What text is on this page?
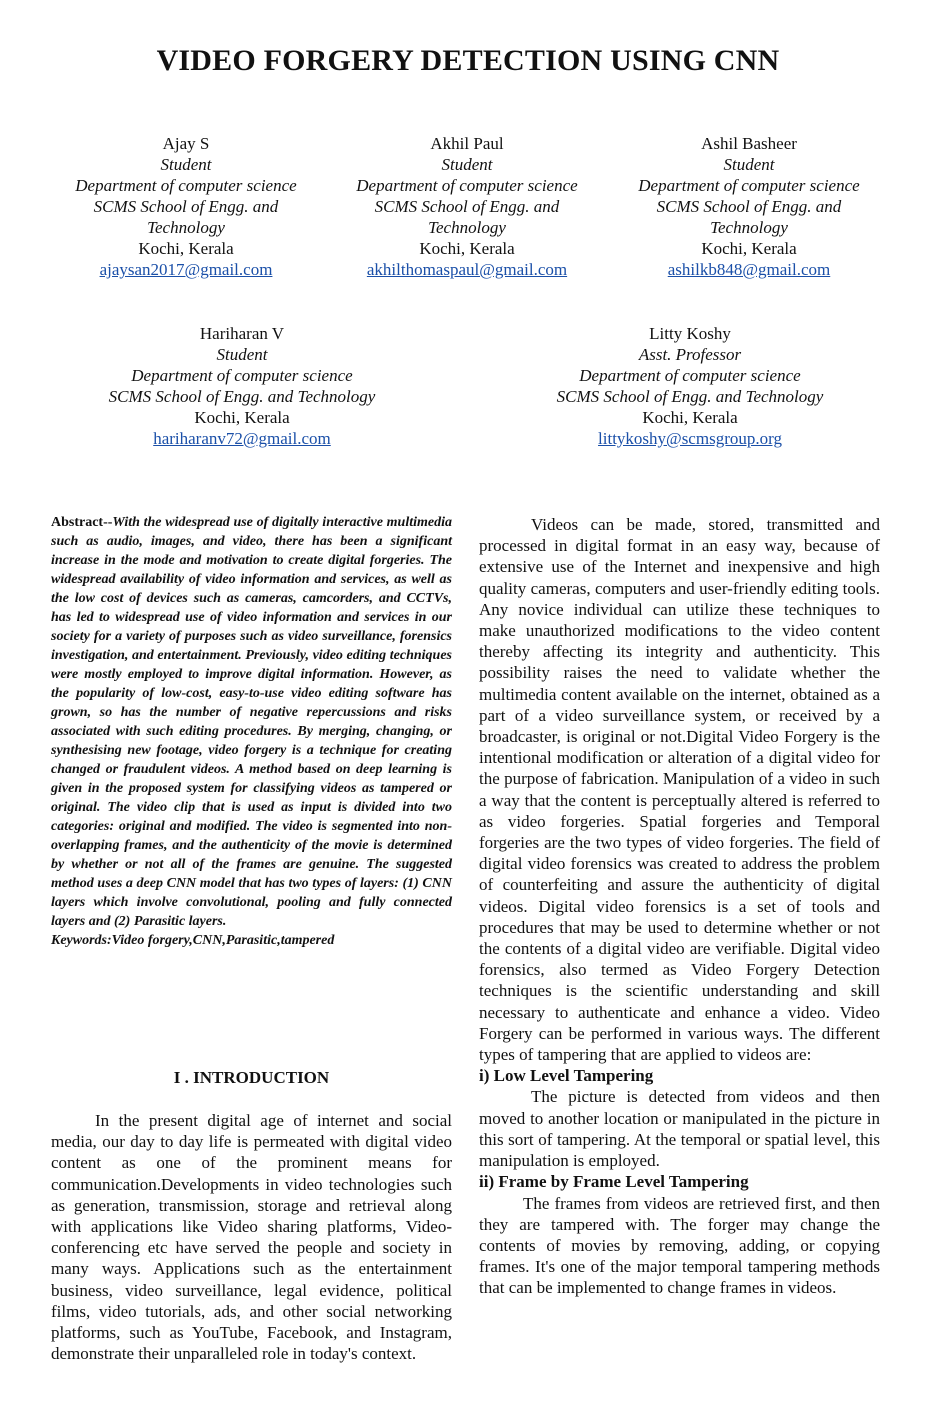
VIDEO FORGERY DETECTION USING CNN
Ajay S
Student
Department of computer science
SCMS School of Engg. and
Technology
Kochi, Kerala
ajaysan2017@gmail.com
Akhil Paul
Student
Department of computer science
SCMS School of Engg. and
Technology
Kochi, Kerala
akhilthomaspaul@gmail.com
Ashil Basheer
Student
Department of computer science
SCMS School of Engg. and
Technology
Kochi, Kerala
ashilkb848@gmail.com
Hariharan V
Student
Department of computer science
SCMS School of Engg. and Technology
Kochi, Kerala
hariharanv72@gmail.com
Litty Koshy
Asst. Professor
Department of computer science
SCMS School of Engg. and Technology
Kochi, Kerala
littykoshy@scmsgroup.org
Abstract--With the widespread use of digitally interactive multimedia such as audio, images, and video, there has been a significant increase in the mode and motivation to create digital forgeries. The widespread availability of video information and services, as well as the low cost of devices such as cameras, camcorders, and CCTVs, has led to widespread use of video information and services in our society for a variety of purposes such as video surveillance, forensics investigation, and entertainment. Previously, video editing techniques were mostly employed to improve digital information. However, as the popularity of low-cost, easy-to-use video editing software has grown, so has the number of negative repercussions and risks associated with such editing procedures. By merging, changing, or synthesising new footage, video forgery is a technique for creating changed or fraudulent videos. A method based on deep learning is given in the proposed system for classifying videos as tampered or original. The video clip that is used as input is divided into two categories: original and modified. The video is segmented into non-overlapping frames, and the authenticity of the movie is determined by whether or not all of the frames are genuine. The suggested method uses a deep CNN model that has two types of layers: (1) CNN layers which involve convolutional, pooling and fully connected layers and (2) Parasitic layers.
Keywords:Video forgery,CNN,Parasitic,tampered
I . INTRODUCTION

In the present digital age of internet and social media, our day to day life is permeated with digital video content as one of the prominent means for communication.Developments in video technologies such as generation, transmission, storage and retrieval along with applications like Video sharing platforms, Video-conferencing etc have served the people and society in many ways. Applications such as the entertainment business, video surveillance, legal evidence, political films, video tutorials, ads, and other social networking platforms, such as YouTube, Facebook, and Instagram, demonstrate their unparalleled role in today's context.

Videos can be made, stored, transmitted and processed in digital format in an easy way, because of extensive use of the Internet and inexpensive and high quality cameras, computers and user-friendly editing tools. Any novice individual can utilize these techniques to make unauthorized modifications to the video content thereby affecting its integrity and authenticity. This possibility raises the need to validate whether the multimedia content available on the internet, obtained as a part of a video surveillance system, or received by a broadcaster, is original or not.Digital Video Forgery is the intentional modification or alteration of a digital video for the purpose of fabrication. Manipulation of a video in such a way that the content is perceptually altered is referred to as video forgeries. Spatial forgeries and Temporal forgeries are the two types of video forgeries. The field of digital video forensics was created to address the problem of counterfeiting and assure the authenticity of digital videos. Digital video forensics is a set of tools and procedures that may be used to determine whether or not the contents of a digital video are verifiable. Digital video forensics, also termed as Video Forgery Detection techniques is the scientific understanding and skill necessary to authenticate and enhance a video. Video Forgery can be performed in various ways. The different types of tampering that are applied to videos are:

i) Low Level Tampering

The picture is detected from videos and then moved to another location or manipulated in the picture in this sort of tampering. At the temporal or spatial level, this manipulation is employed.

ii) Frame by Frame Level Tampering

The frames from videos are retrieved first, and then they are tampered with. The forger may change the contents of movies by removing, adding, or copying frames. It's one of the major temporal tampering methods that can be implemented to change frames in videos.
